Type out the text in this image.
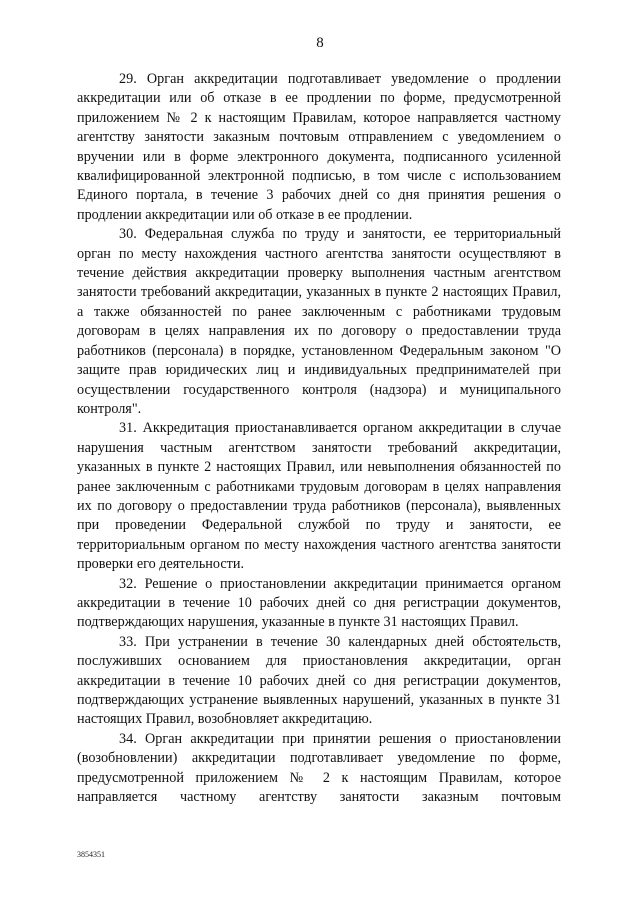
8

29. Орган аккредитации подготавливает уведомление о продлении аккредитации или об отказе в ее продлении по форме, предусмотренной приложением № 2 к настоящим Правилам, которое направляется частному агентству занятости заказным почтовым отправлением с уведомлением о вручении или в форме электронного документа, подписанного усиленной квалифицированной электронной подписью, в том числе с использованием Единого портала, в течение 3 рабочих дней со дня принятия решения о продлении аккредитации или об отказе в ее продлении.

30. Федеральная служба по труду и занятости, ее территориальный орган по месту нахождения частного агентства занятости осуществляют в течение действия аккредитации проверку выполнения частным агентством занятости требований аккредитации, указанных в пункте 2 настоящих Правил, а также обязанностей по ранее заключенным с работниками трудовым договорам в целях направления их по договору о предоставлении труда работников (персонала) в порядке, установленном Федеральным законом "О защите прав юридических лиц и индивидуальных предпринимателей при осуществлении государственного контроля (надзора) и муниципального контроля".

31. Аккредитация приостанавливается органом аккредитации в случае нарушения частным агентством занятости требований аккредитации, указанных в пункте 2 настоящих Правил, или невыполнения обязанностей по ранее заключенным с работниками трудовым договорам в целях направления их по договору о предоставлении труда работников (персонала), выявленных при проведении Федеральной службой по труду и занятости, ее территориальным органом по месту нахождения частного агентства занятости проверки его деятельности.

32. Решение о приостановлении аккредитации принимается органом аккредитации в течение 10 рабочих дней со дня регистрации документов, подтверждающих нарушения, указанные в пункте 31 настоящих Правил.

33. При устранении в течение 30 календарных дней обстоятельств, послуживших основанием для приостановления аккредитации, орган аккредитации в течение 10 рабочих дней со дня регистрации документов, подтверждающих устранение выявленных нарушений, указанных в пункте 31 настоящих Правил, возобновляет аккредитацию.

34. Орган аккредитации при принятии решения о приостановлении (возобновлении) аккредитации подготавливает уведомление по форме, предусмотренной приложением № 2 к настоящим Правилам, которое направляется частному агентству занятости заказным почтовым

3854351
